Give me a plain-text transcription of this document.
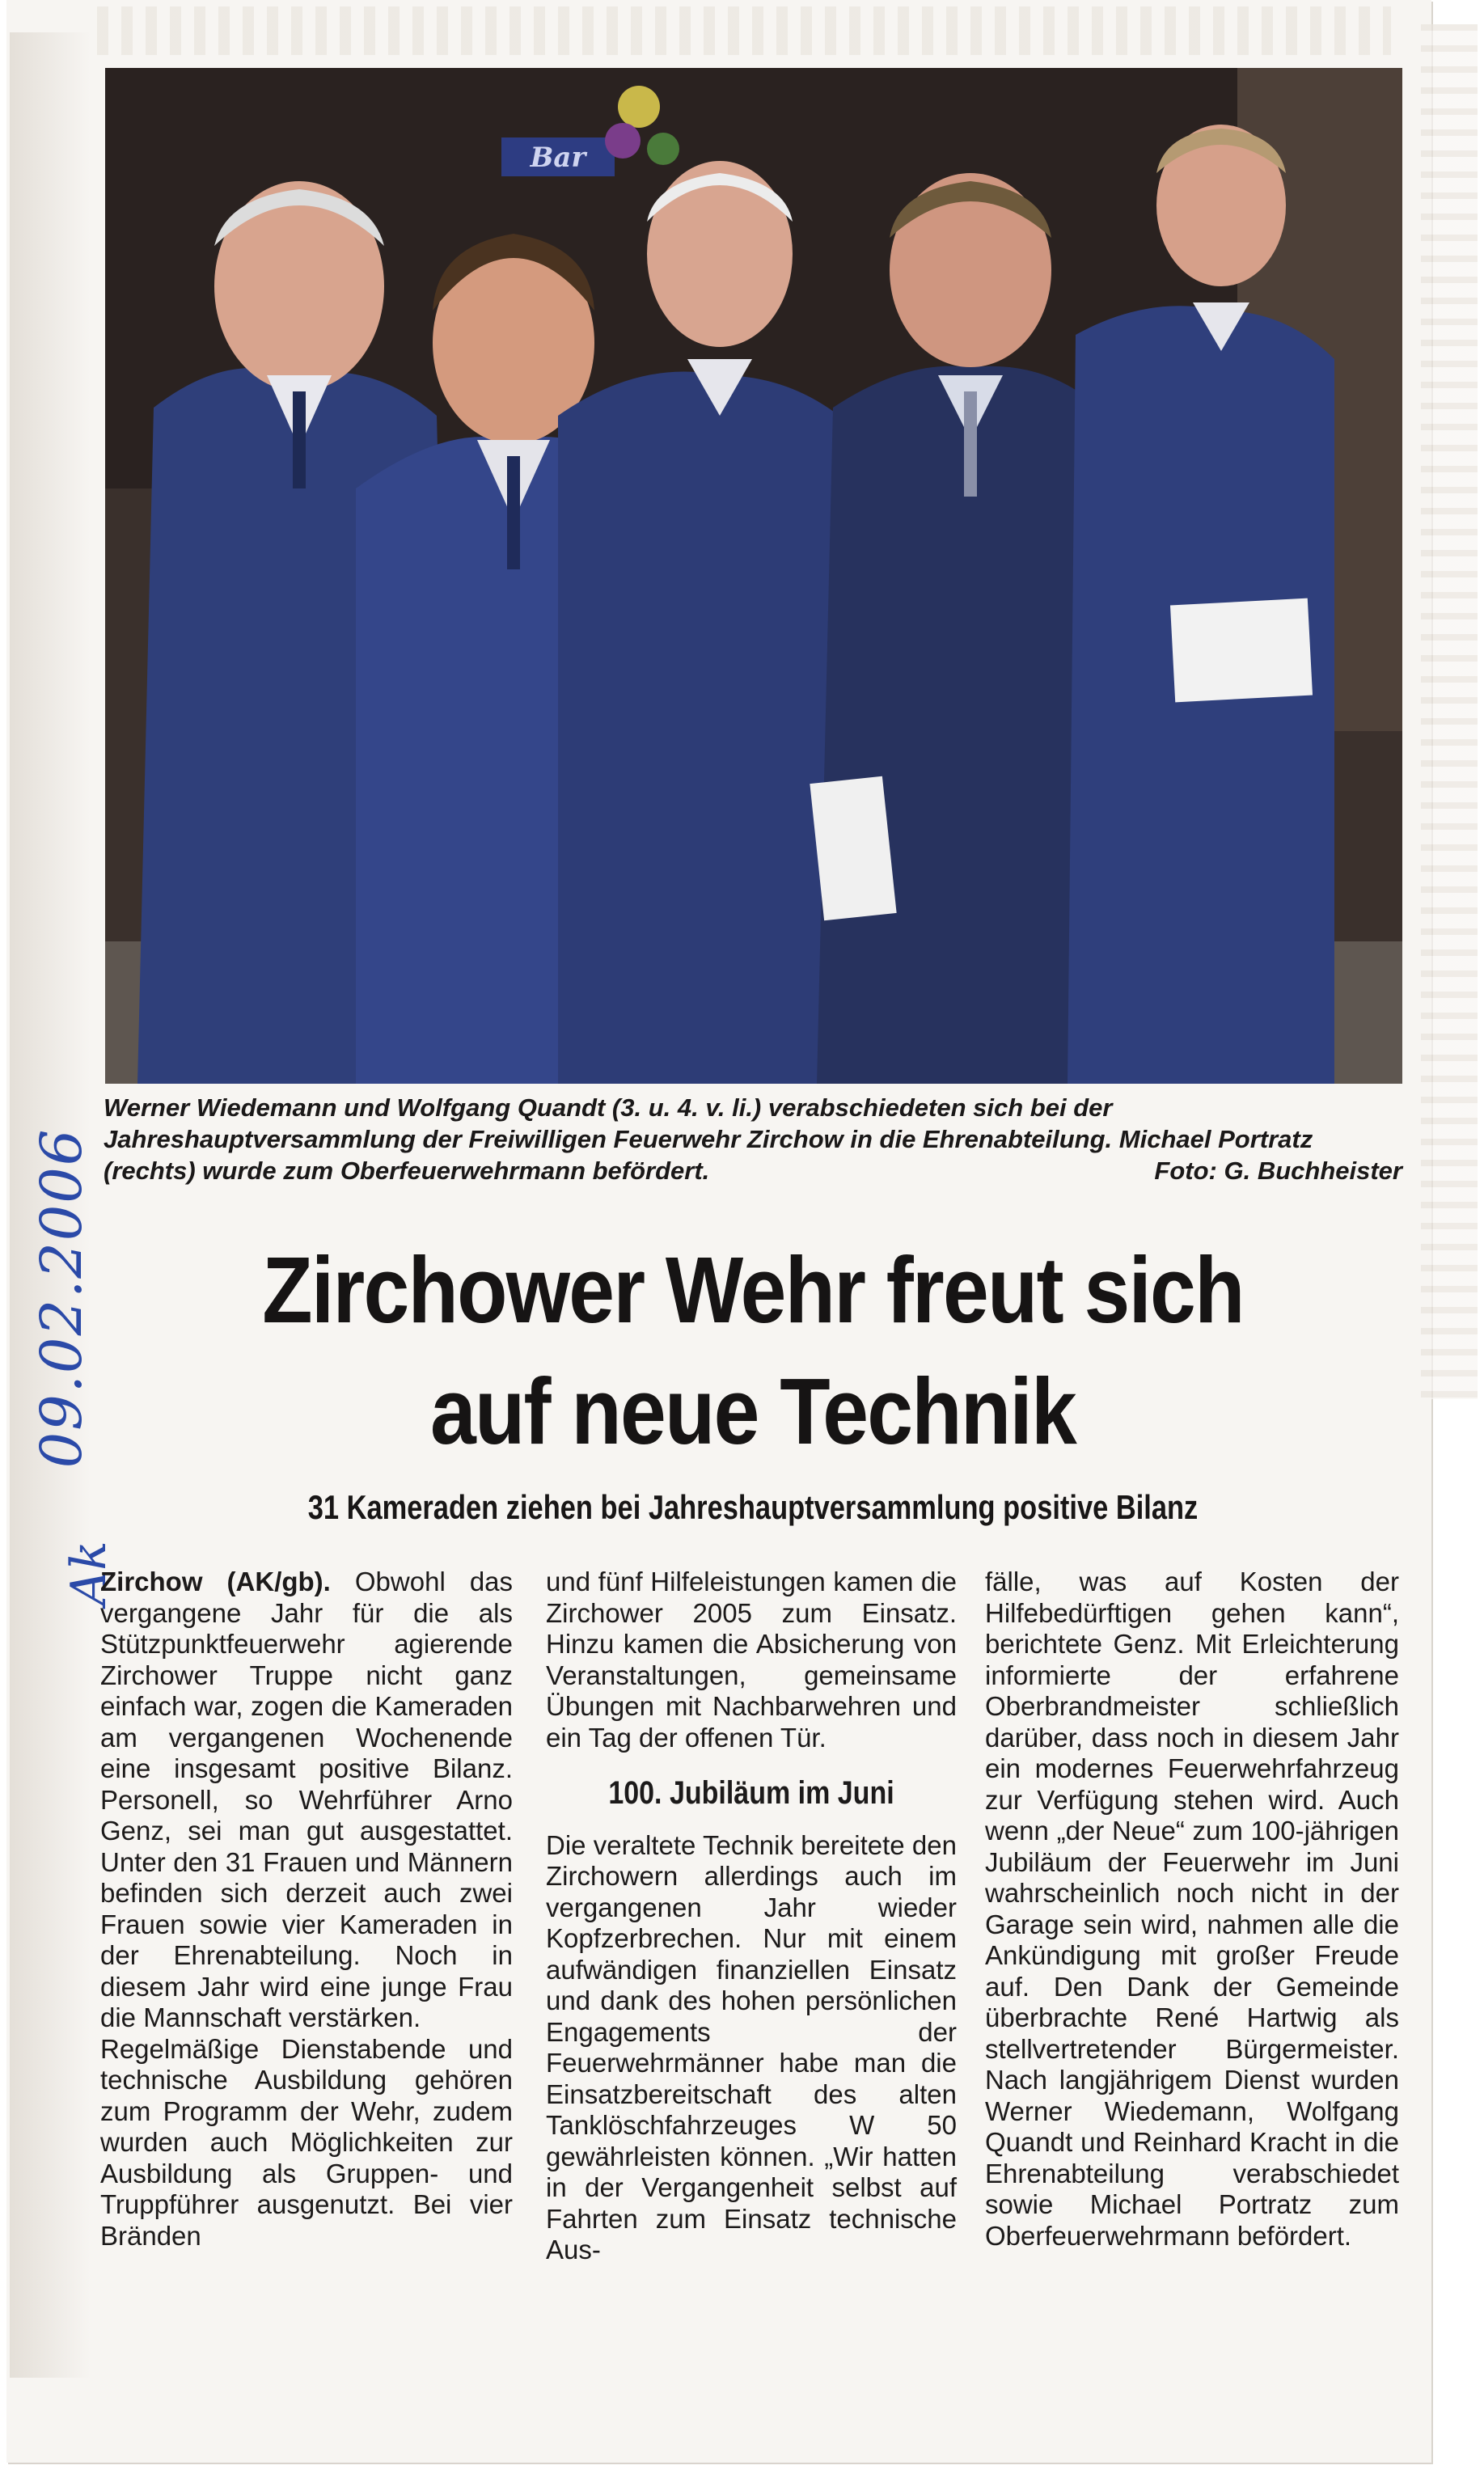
Bar
Werner Wiedemann und Wolfgang Quandt (3. u. 4. v. li.) verabschiedeten sich bei der Jahreshauptversammlung der Freiwilligen Feuerwehr Zirchow in die Ehrenabteilung. Michael Portratz (rechts) wurde zum Oberfeuerwehrmann befördert.	Foto: G. Buchheister
09.02.2006
Ak
Zirchower Wehr freut sich
auf neue Technik
31 Kameraden ziehen bei Jahreshauptversammlung positive Bilanz

Zirchow (AK/gb). Obwohl das vergangene Jahr für die als Stützpunktfeuerwehr agierende Zirchower Truppe nicht ganz einfach war, zogen die Kameraden am vergangenen Wochenende eine insgesamt positive Bilanz. Personell, so Wehrführer Arno Genz, sei man gut ausgestattet. Unter den 31 Frauen und Männern befinden sich derzeit auch zwei Frauen sowie vier Kameraden in der Ehrenabteilung. Noch in diesem Jahr wird eine junge Frau die Mannschaft verstärken.

Regelmäßige Dienstabende und technische Ausbildung gehören zum Programm der Wehr, zudem wurden auch Möglichkeiten zur Ausbildung als Gruppen- und Truppführer ausgenutzt. Bei vier Bränden

und fünf Hilfeleistungen kamen die Zirchower 2005 zum Einsatz. Hinzu kamen die Absicherung von Veranstaltungen, gemeinsame Übungen mit Nachbarwehren und ein Tag der offenen Tür.

100. Jubiläum im Juni

Die veraltete Technik bereitete den Zirchowern allerdings auch im vergangenen Jahr wieder Kopfzerbrechen. Nur mit einem aufwändigen finanziellen Einsatz und dank des hohen persönlichen Engagements der Feuerwehrmänner habe man die Einsatzbereitschaft des alten Tanklöschfahrzeuges W 50 gewährleisten können. „Wir hatten in der Vergangenheit selbst auf Fahrten zum Einsatz technische Aus-

fälle, was auf Kosten der Hilfebedürftigen gehen kann“, berichtete Genz. Mit Erleichterung informierte der erfahrene Oberbrandmeister schließlich darüber, dass noch in diesem Jahr ein modernes Feuerwehrfahrzeug zur Verfügung stehen wird. Auch wenn „der Neue“ zum 100-jährigen Jubiläum der Feuerwehr im Juni wahrscheinlich noch nicht in der Garage sein wird, nahmen alle die Ankündigung mit großer Freude auf. Den Dank der Gemeinde überbrachte René Hartwig als stellvertretender Bürgermeister. Nach langjährigem Dienst wurden Werner Wiedemann, Wolfgang Quandt und Reinhard Kracht in die Ehrenabteilung verabschiedet sowie Michael Portratz zum Oberfeuerwehrmann befördert.
